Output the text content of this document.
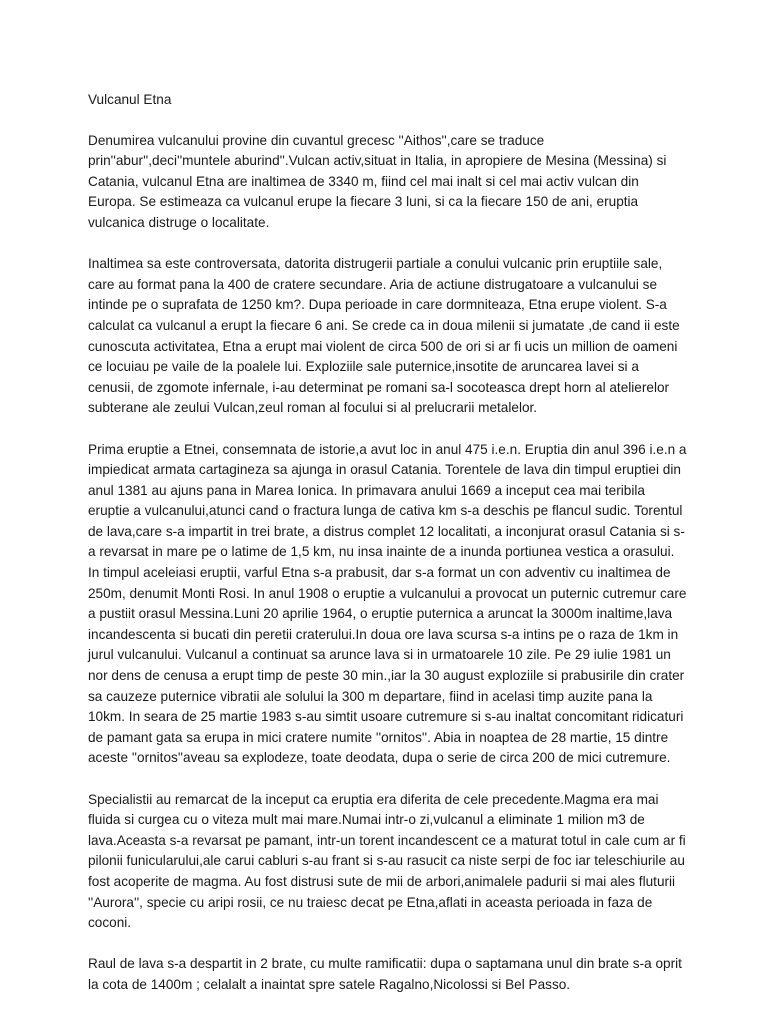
Vulcanul Etna

Denumirea vulcanului provine din cuvantul grecesc ''Aithos'',care se traduce prin''abur'',deci''muntele aburind''.Vulcan activ,situat in Italia, in apropiere de Mesina (Messina) si Catania, vulcanul Etna are inaltimea de 3340 m, fiind cel mai inalt si cel mai activ vulcan din Europa. Se estimeaza ca vulcanul erupe la fiecare 3 luni, si ca la fiecare 150 de ani, eruptia vulcanica distruge o localitate.

Inaltimea sa este controversata, datorita distrugerii partiale a conului vulcanic prin eruptiile sale, care au format pana la 400 de cratere secundare. Aria de actiune distrugatoare a vulcanului se intinde pe o suprafata de 1250 km?. Dupa perioade in care dormniteaza, Etna erupe violent. S-a calculat ca vulcanul a erupt la fiecare 6 ani. Se crede ca in doua milenii si jumatate ,de cand ii este cunoscuta activitatea, Etna a erupt mai violent de circa 500 de ori si ar fi ucis un million de oameni ce locuiau pe vaile de la poalele lui. Exploziile sale puternice,insotite de aruncarea lavei si a cenusii, de zgomote infernale, i-au determinat pe romani sa-l socoteasca drept horn al atelierelor subterane ale zeului Vulcan,zeul roman al focului si al prelucrarii metalelor.

Prima eruptie a Etnei, consemnata de istorie,a avut loc in anul 475 i.e.n. Eruptia din anul 396 i.e.n a impiedicat armata cartagineza sa ajunga in orasul Catania. Torentele de lava din timpul eruptiei din anul 1381 au ajuns pana in Marea Ionica. In primavara anului 1669 a inceput cea mai teribila eruptie a vulcanului,atunci cand o fractura lunga de cativa km s-a deschis pe flancul sudic. Torentul de lava,care s-a impartit in trei brate, a distrus complet 12 localitati, a inconjurat orasul Catania si s-a revarsat in mare pe o latime de 1,5 km, nu insa inainte de a inunda portiunea vestica a orasului. In timpul aceleiasi eruptii, varful Etna s-a prabusit, dar s-a format un con adventiv cu inaltimea de 250m, denumit Monti Rosi. In anul 1908 o eruptie a vulcanului a provocat un puternic cutremur care a pustiit orasul Messina.Luni 20 aprilie 1964, o eruptie puternica a aruncat la 3000m inaltime,lava incandescenta si bucati din peretii craterului.In doua ore lava scursa s-a intins pe o raza de 1km in jurul vulcanului. Vulcanul a continuat sa arunce lava si in urmatoarele 10 zile. Pe 29 iulie 1981 un nor dens de cenusa a erupt timp de peste 30 min.,iar la 30 august exploziile si prabusirile din crater sa cauzeze puternice vibratii ale solului la 300 m departare, fiind in acelasi timp auzite pana la 10km. In seara de 25 martie 1983 s-au simtit usoare cutremure si s-au inaltat concomitant ridicaturi de pamant gata sa erupa in mici cratere numite ''ornitos''. Abia in noaptea de 28 martie, 15 dintre aceste ''ornitos''aveau sa explodeze, toate deodata, dupa o serie de circa 200 de mici cutremure.

Specialistii au remarcat de la inceput ca eruptia era diferita de cele precedente.Magma era mai fluida si curgea cu o viteza mult mai mare.Numai intr-o zi,vulcanul a eliminate 1 milion m3 de lava.Aceasta s-a revarsat pe pamant, intr-un torent incandescent ce a maturat totul in cale cum ar fi pilonii funicularului,ale carui cabluri s-au frant si s-au rasucit ca niste serpi de foc iar teleschiurile au fost acoperite de magma. Au fost distrusi sute de mii de arbori,animalele padurii si mai ales fluturii ''Aurora'', specie cu aripi rosii, ce nu traiesc decat pe Etna,aflati in aceasta perioada in faza de coconi.

Raul de lava s-a despartit in 2 brate, cu multe ramificatii: dupa o saptamana unul din brate s-a oprit la cota de 1400m ; celalalt a inaintat spre satele Ragalno,Nicolossi si Bel Passo.
